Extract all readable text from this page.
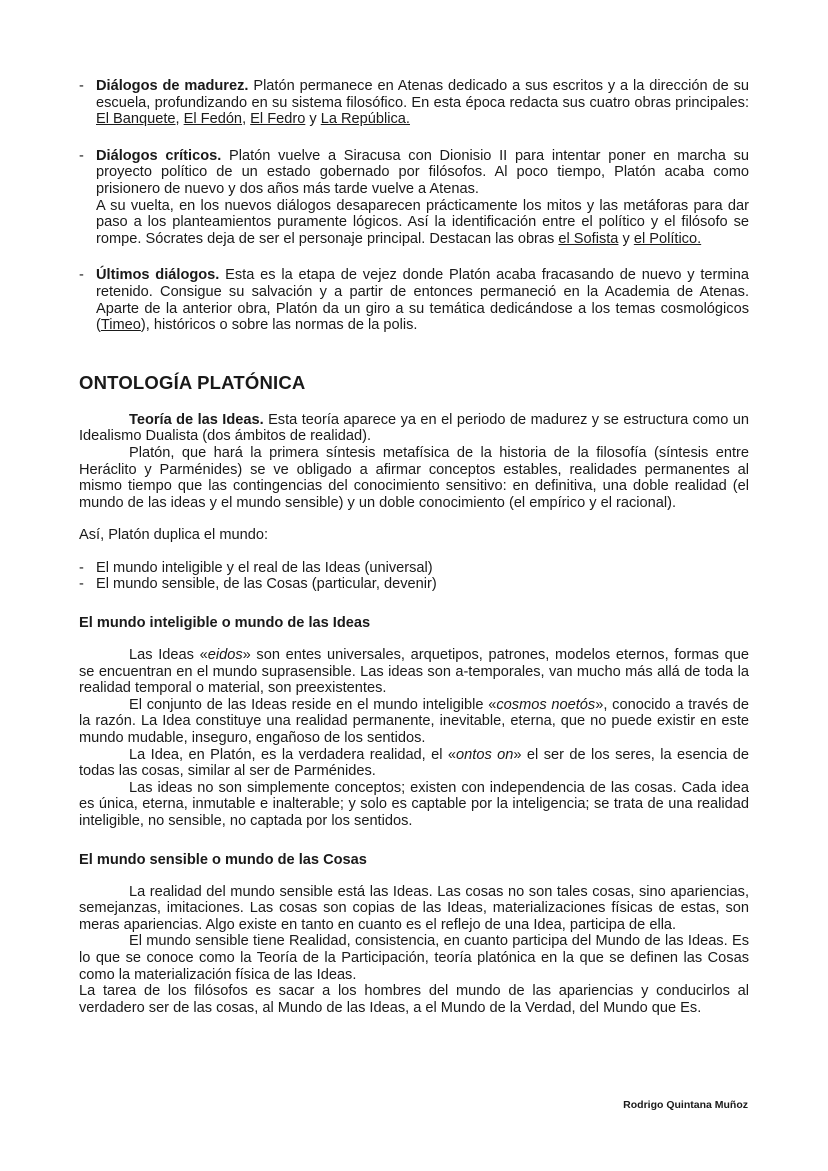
- Diálogos de madurez. Platón permanece en Atenas dedicado a sus escritos y a la dirección de su escuela, profundizando en su sistema filosófico. En esta época redacta sus cuatro obras principales: El Banquete, El Fedón, El Fedro y La República.

- Diálogos críticos. Platón vuelve a Siracusa con Dionisio II para intentar poner en marcha su proyecto político de un estado gobernado por filósofos. Al poco tiempo, Platón acaba como prisionero de nuevo y dos años más tarde vuelve a Atenas.

A su vuelta, en los nuevos diálogos desaparecen prácticamente los mitos y las metáforas para dar paso a los planteamientos puramente lógicos. Así la identificación entre el político y el filósofo se rompe. Sócrates deja de ser el personaje principal. Destacan las obras el Sofista y el Político.

- Últimos diálogos. Esta es la etapa de vejez donde Platón acaba fracasando de nuevo y termina retenido. Consigue su salvación y a partir de entonces permaneció en la Academia de Atenas. Aparte de la anterior obra, Platón da un giro a su temática dedicándose a los temas cosmológicos (Timeo), históricos o sobre las normas de la polis.

ONTOLOGÍA PLATÓNICA

Teoría de las Ideas. Esta teoría aparece ya en el periodo de madurez y se estructura como un Idealismo Dualista (dos ámbitos de realidad).

Platón, que hará la primera síntesis metafísica de la historia de la filosofía (síntesis entre Heráclito y Parménides) se ve obligado a afirmar conceptos estables, realidades permanentes al mismo tiempo que las contingencias del conocimiento sensitivo: en definitiva, una doble realidad (el mundo de las ideas y el mundo sensible) y un doble conocimiento (el empírico y el racional).

Así, Platón duplica el mundo:

- El mundo inteligible y el real de las Ideas (universal)

- El mundo sensible, de las Cosas (particular, devenir)

El mundo inteligible o mundo de las Ideas

Las Ideas «eidos» son entes universales, arquetipos, patrones, modelos eternos, formas que se encuentran en el mundo suprasensible. Las ideas son a-temporales, van mucho más allá de toda la realidad temporal o material, son preexistentes.

El conjunto de las Ideas reside en el mundo inteligible «cosmos noetós», conocido a través de la razón. La Idea constituye una realidad permanente, inevitable, eterna, que no puede existir en este mundo mudable, inseguro, engañoso de los sentidos.

La Idea, en Platón, es la verdadera realidad, el «ontos on» el ser de los seres, la esencia de todas las cosas, similar al ser de Parménides.

Las ideas no son simplemente conceptos; existen con independencia de las cosas. Cada idea es única, eterna, inmutable e inalterable; y solo es captable por la inteligencia; se trata de una realidad inteligible, no sensible, no captada por los sentidos.

El mundo sensible o mundo de las Cosas

La realidad del mundo sensible está las Ideas. Las cosas no son tales cosas, sino apariencias, semejanzas, imitaciones. Las cosas son copias de las Ideas, materializaciones físicas de estas, son meras apariencias. Algo existe en tanto en cuanto es el reflejo de una Idea, participa de ella.

El mundo sensible tiene Realidad, consistencia, en cuanto participa del Mundo de las Ideas. Es lo que se conoce como la Teoría de la Participación, teoría platónica en la que se definen las Cosas como la materialización física de las Ideas.

La tarea de los filósofos es sacar a los hombres del mundo de las apariencias y conducirlos al verdadero ser de las cosas, al Mundo de las Ideas, a el Mundo de la Verdad, del Mundo que Es.

Rodrigo Quintana Muñoz
